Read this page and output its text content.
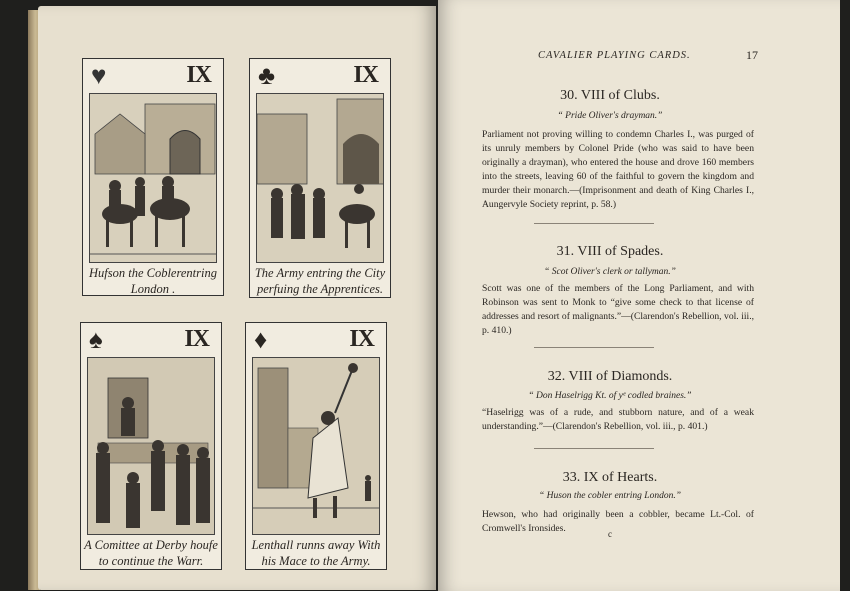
♥	IX
Hufson the Coblerentring
London .
♣	IX
The Army entring the City
perfuing the Apprentices.
♠	IX
A Comittee at Derby houfe
to continue the Warr.
♦	IX
Lenthall runns away With
his Mace to the Army.
CAVALIER PLAYING CARDS.	17
30. VIII of Clubs.
“ Pride Oliver's drayman.”
Parliament not proving willing to condemn Charles I., was purged of its unruly members by Colonel Pride (who was said to have been originally a drayman), who entered the house and drove 160 members into the streets, leaving 60 of the faithful to govern the kingdom and murder their monarch.—(Imprisonment and death of King Charles I., Aungervyle Society reprint, p. 58.)
31. VIII of Spades.
“ Scot Oliver's clerk or tallyman.”
Scott was one of the members of the Long Parliament, and with Robinson was sent to Monk to “give some check to that license of addresses and resort of malignants.”—(Clarendon's Rebellion, vol. iii., p. 410.)
32. VIII of Diamonds.
“ Don Haselrigg Kt. of yᵉ codled braines.”
“Haselrigg was of a rude, and stubborn nature, and of a weak understanding.”—(Clarendon's Rebellion, vol. iii., p. 401.)
33. IX of Hearts.
“ Huson the cobler entring London.”
Hewson, who had originally been a cobbler, became Lt.-Col. of Cromwell's Ironsides.	c
